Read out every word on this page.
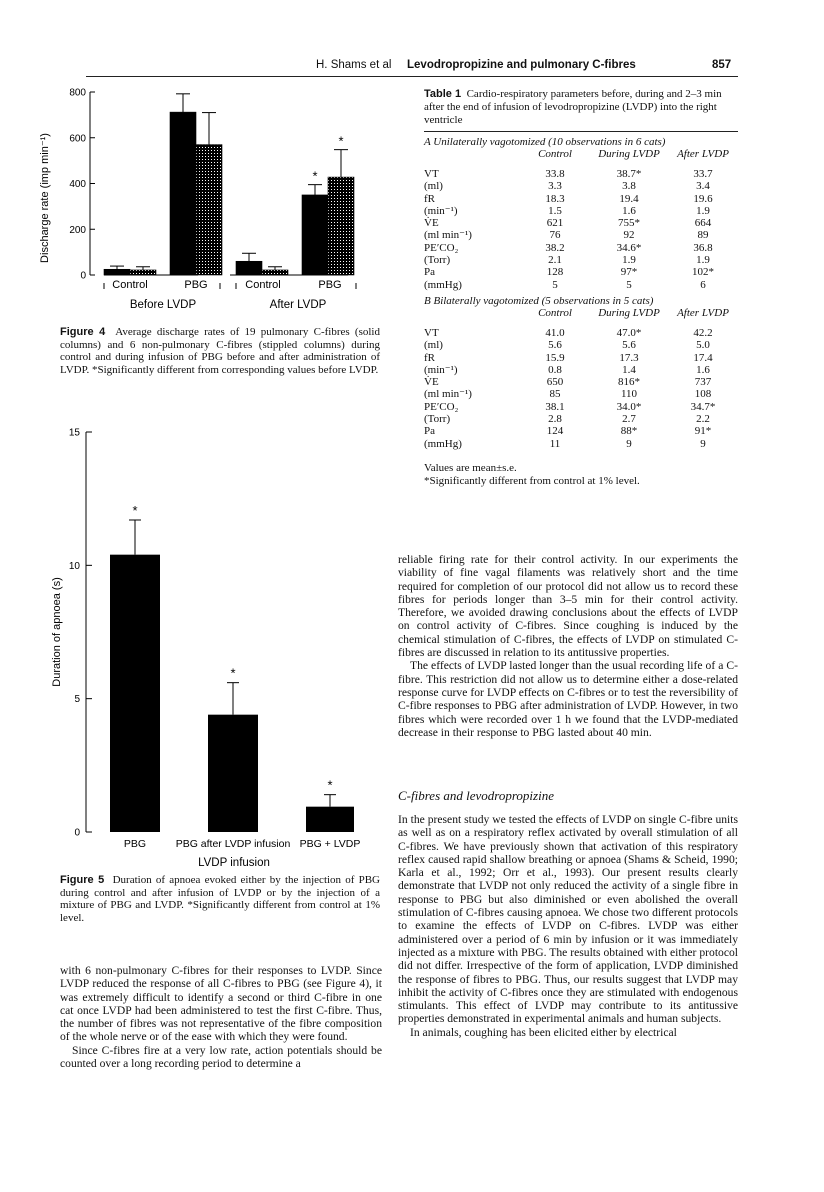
H. Shams et al Levodropropizine and pulmonary C-fibres	857
0
200
400
600
800
*
*
Discharge rate (imp min⁻¹)
Control	PBG	Control	PBG
Before LVDP	After LVDP
Figure 4 Average discharge rates of 19 pulmonary C-fibres (solid columns) and 6 non-pulmonary C-fibres (stippled columns) during control and during infusion of PBG before and after administration of LVDP. *Significantly different from corresponding values before LVDP.
0
5
10
15
*
PBG
*
PBG after LVDP infusion
*
PBG + LVDP
Duration of apnoea (s)
LVDP infusion
Figure 5 Duration of apnoea evoked either by the injection of PBG during control and after infusion of LVDP or by the injection of a mixture of PBG and LVDP. *Significantly different from control at 1% level.
Table 1 Cardio-respiratory parameters before, during and 2–3 min after the end of infusion of levodropropizine (LVDP) into the right ventricle
A Unilaterally vagotomized (10 observations in 6 cats)
Control	During LVDP	After LVDP
VT	33.8	38.7*	33.7
(ml)	3.3	3.8	3.4
fR	18.3	19.4	19.6
(min⁻¹)	1.5	1.6	1.9
V̇E	621	755*	664
(ml min⁻¹)	76	92	89
PE′CO₂	38.2	34.6*	36.8
(Torr)	2.1	1.9	1.9
Pa	128	97*	102*
(mmHg)	5	5	6
B Bilaterally vagotomized (5 observations in 5 cats)
Control	During LVDP	After LVDP
VT	41.0	47.0*	42.2
(ml)	5.6	5.6	5.0
fR	15.9	17.3	17.4
(min⁻¹)	0.8	1.4	1.6
V̇E	650	816*	737
(ml min⁻¹)	85	110	108
PE′CO₂	38.1	34.0*	34.7*
(Torr)	2.8	2.7	2.2
Pa	124	88*	91*
(mmHg)	11	9	9
Values are mean±s.e.
*Significantly different from control at 1% level.

with 6 non-pulmonary C-fibres for their responses to LVDP. Since LVDP reduced the response of all C-fibres to PBG (see Figure 4), it was extremely difficult to identify a second or third C-fibre in one cat once LVDP had been administered to test the first C-fibre. Thus, the number of fibres was not representative of the fibre composition of the whole nerve or of the ease with which they were found.

Since C-fibres fire at a very low rate, action potentials should be counted over a long recording period to determine a

reliable firing rate for their control activity. In our experiments the viability of fine vagal filaments was relatively short and the time required for completion of our protocol did not allow us to record these fibres for periods longer than 3–5 min for their control activity. Therefore, we avoided drawing conclusions about the effects of LVDP on control activity of C-fibres. Since coughing is induced by the chemical stimulation of C-fibres, the effects of LVDP on stimulated C-fibres are discussed in relation to its antitussive properties.

The effects of LVDP lasted longer than the usual recording life of a C-fibre. This restriction did not allow us to determine either a dose-related response curve for LVDP effects on C-fibres or to test the reversibility of C-fibre responses to PBG after administration of LVDP. However, in two fibres which were recorded over 1 h we found that the LVDP-mediated decrease in their response to PBG lasted about 40 min.

C-fibres and levodropropizine

In the present study we tested the effects of LVDP on single C-fibre units as well as on a respiratory reflex activated by overall stimulation of all C-fibres. We have previously shown that activation of this respiratory reflex caused rapid shallow breathing or apnoea (Shams & Scheid, 1990; Karla et al., 1992; Orr et al., 1993). Our present results clearly demonstrate that LVDP not only reduced the activity of a single fibre in response to PBG but also diminished or even abolished the overall stimulation of C-fibres causing apnoea. We chose two different protocols to examine the effects of LVDP on C-fibres. LVDP was either administered over a period of 6 min by infusion or it was immediately injected as a mixture with PBG. The results obtained with either protocol did not differ. Irrespective of the form of application, LVDP diminished the response of fibres to PBG. Thus, our results suggest that LVDP may inhibit the activity of C-fibres once they are stimulated with endogenous stimulants. This effect of LVDP may contribute to its antitussive properties demonstrated in experimental animals and human subjects.

In animals, coughing has been elicited either by electrical
